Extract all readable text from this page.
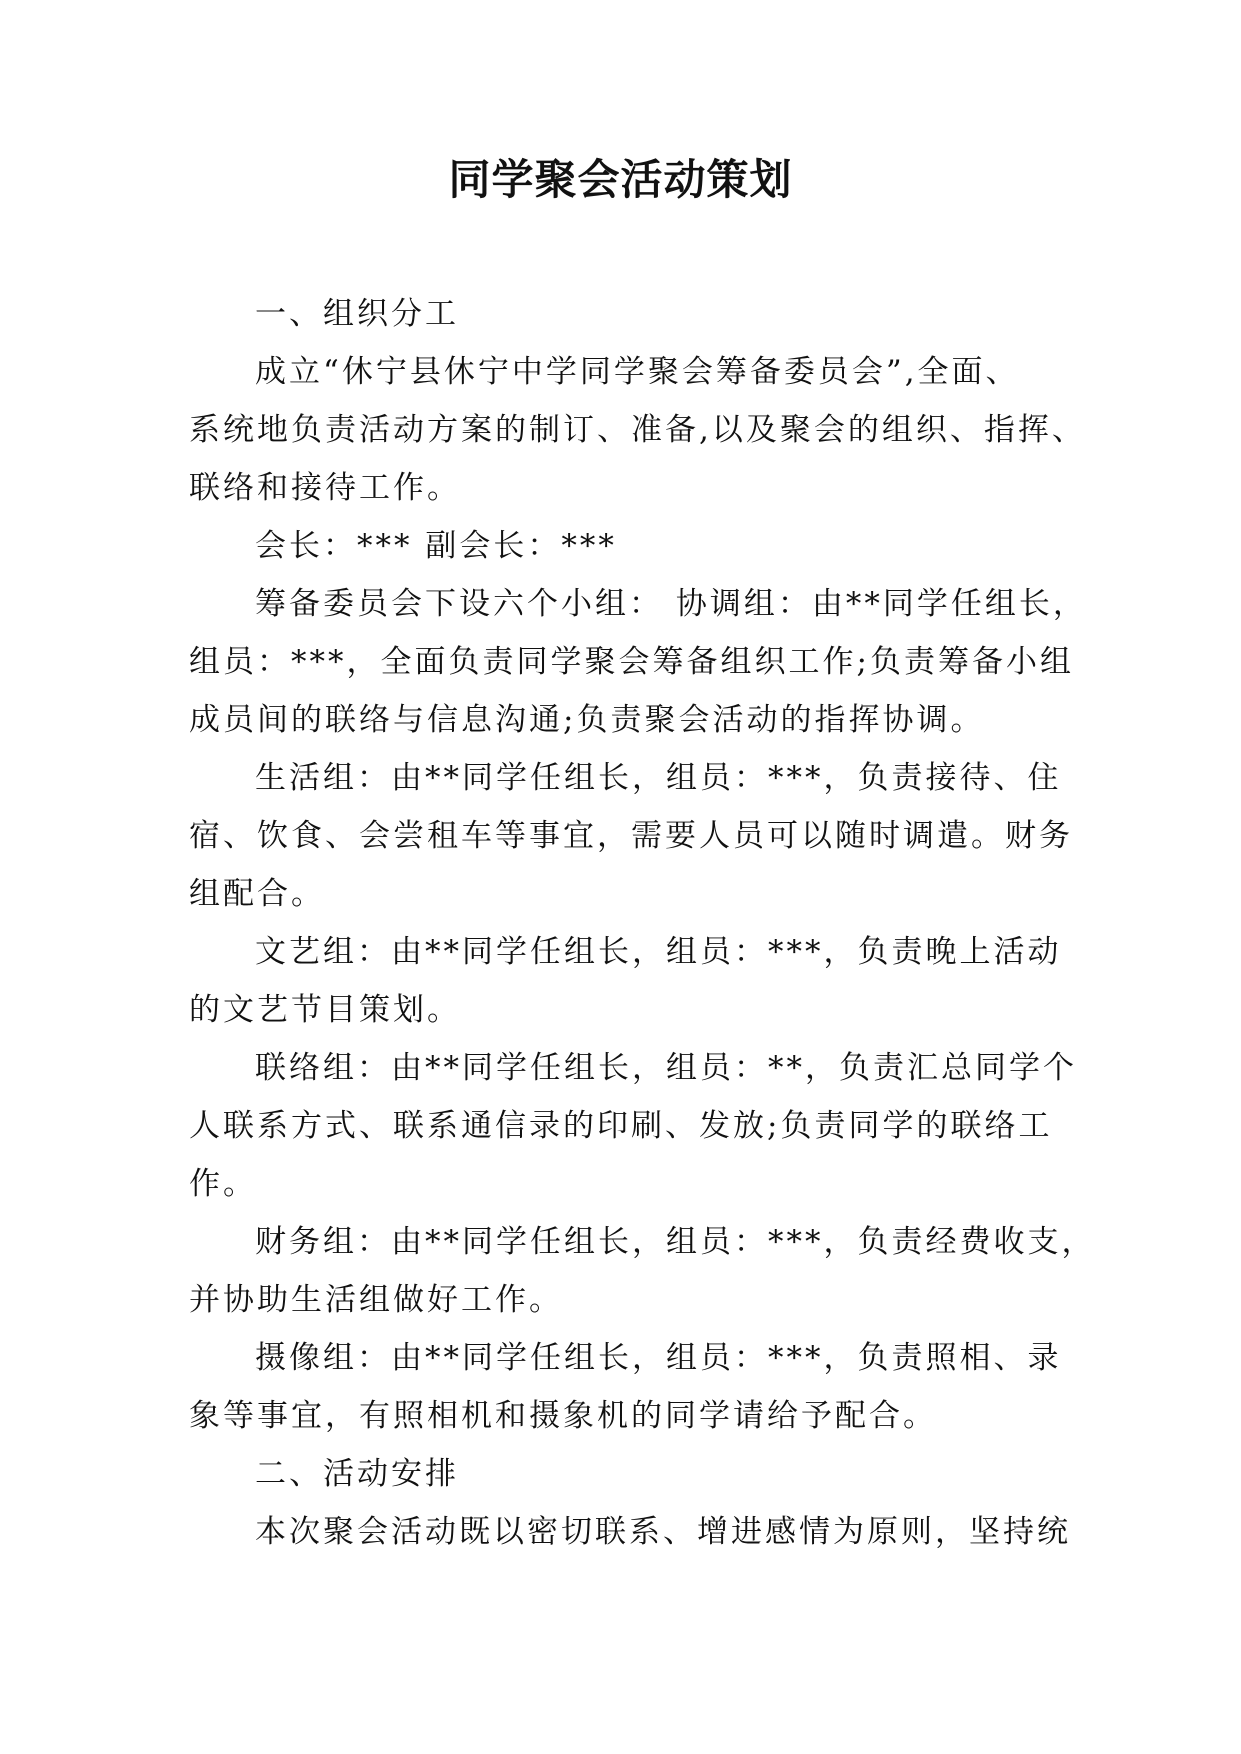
同学聚会活动策划
一、组织分工
成立“休宁县休宁中学同学聚会筹备委员会”,全面、
系统地负责活动方案的制订、准备,以及聚会的组织、指挥、
联络和接待工作。
会长：*** 副会长：***
筹备委员会下设六个小组： 协调组：由**同学任组长，
组员：***，全面负责同学聚会筹备组织工作;负责筹备小组
成员间的联络与信息沟通;负责聚会活动的指挥协调。
生活组：由**同学任组长，组员：***，负责接待、住
宿、饮食、会尝租车等事宜，需要人员可以随时调遣。财务
组配合。
文艺组：由**同学任组长，组员：***，负责晚上活动
的文艺节目策划。
联络组：由**同学任组长，组员：**，负责汇总同学个
人联系方式、联系通信录的印刷、发放;负责同学的联络工
作。
财务组：由**同学任组长，组员：***，负责经费收支，
并协助生活组做好工作。
摄像组：由**同学任组长，组员：***，负责照相、录
象等事宜，有照相机和摄象机的同学请给予配合。
二、活动安排
本次聚会活动既以密切联系、增进感情为原则，坚持统
